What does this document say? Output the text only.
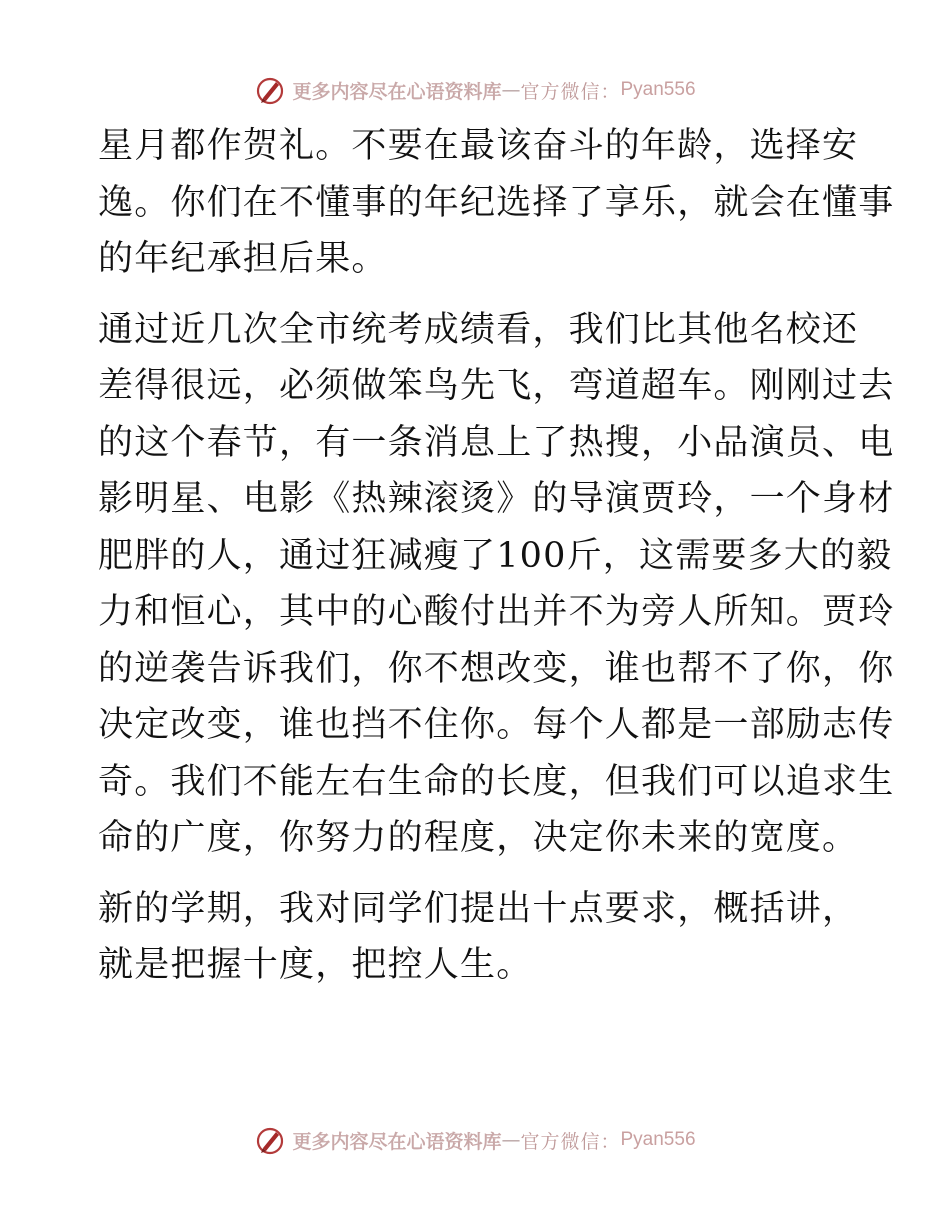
更多内容尽在心语资料库 — 官方微信： Pyan556

星月都作贺礼。不要在最该奋斗的年龄，选择安
逸。你们在不懂事的年纪选择了享乐，就会在懂事
的年纪承担后果。

通过近几次全市统考成绩看，我们比其他名校还
差得很远，必须做笨鸟先飞，弯道超车。刚刚过去
的这个春节，有一条消息上了热搜，小品演员、电
影明星、电影《热辣滚烫》的导演贾玲，一个身材
肥胖的人，通过狂减瘦了100斤，这需要多大的毅
力和恒心，其中的心酸付出并不为旁人所知。贾玲
的逆袭告诉我们，你不想改变，谁也帮不了你，你
决定改变，谁也挡不住你。每个人都是一部励志传
奇。我们不能左右生命的长度，但我们可以追求生
命的广度，你努力的程度，决定你未来的宽度。

新的学期，我对同学们提出十点要求，概括讲，
就是把握十度，把控人生。

更多内容尽在心语资料库 — 官方微信： Pyan556
